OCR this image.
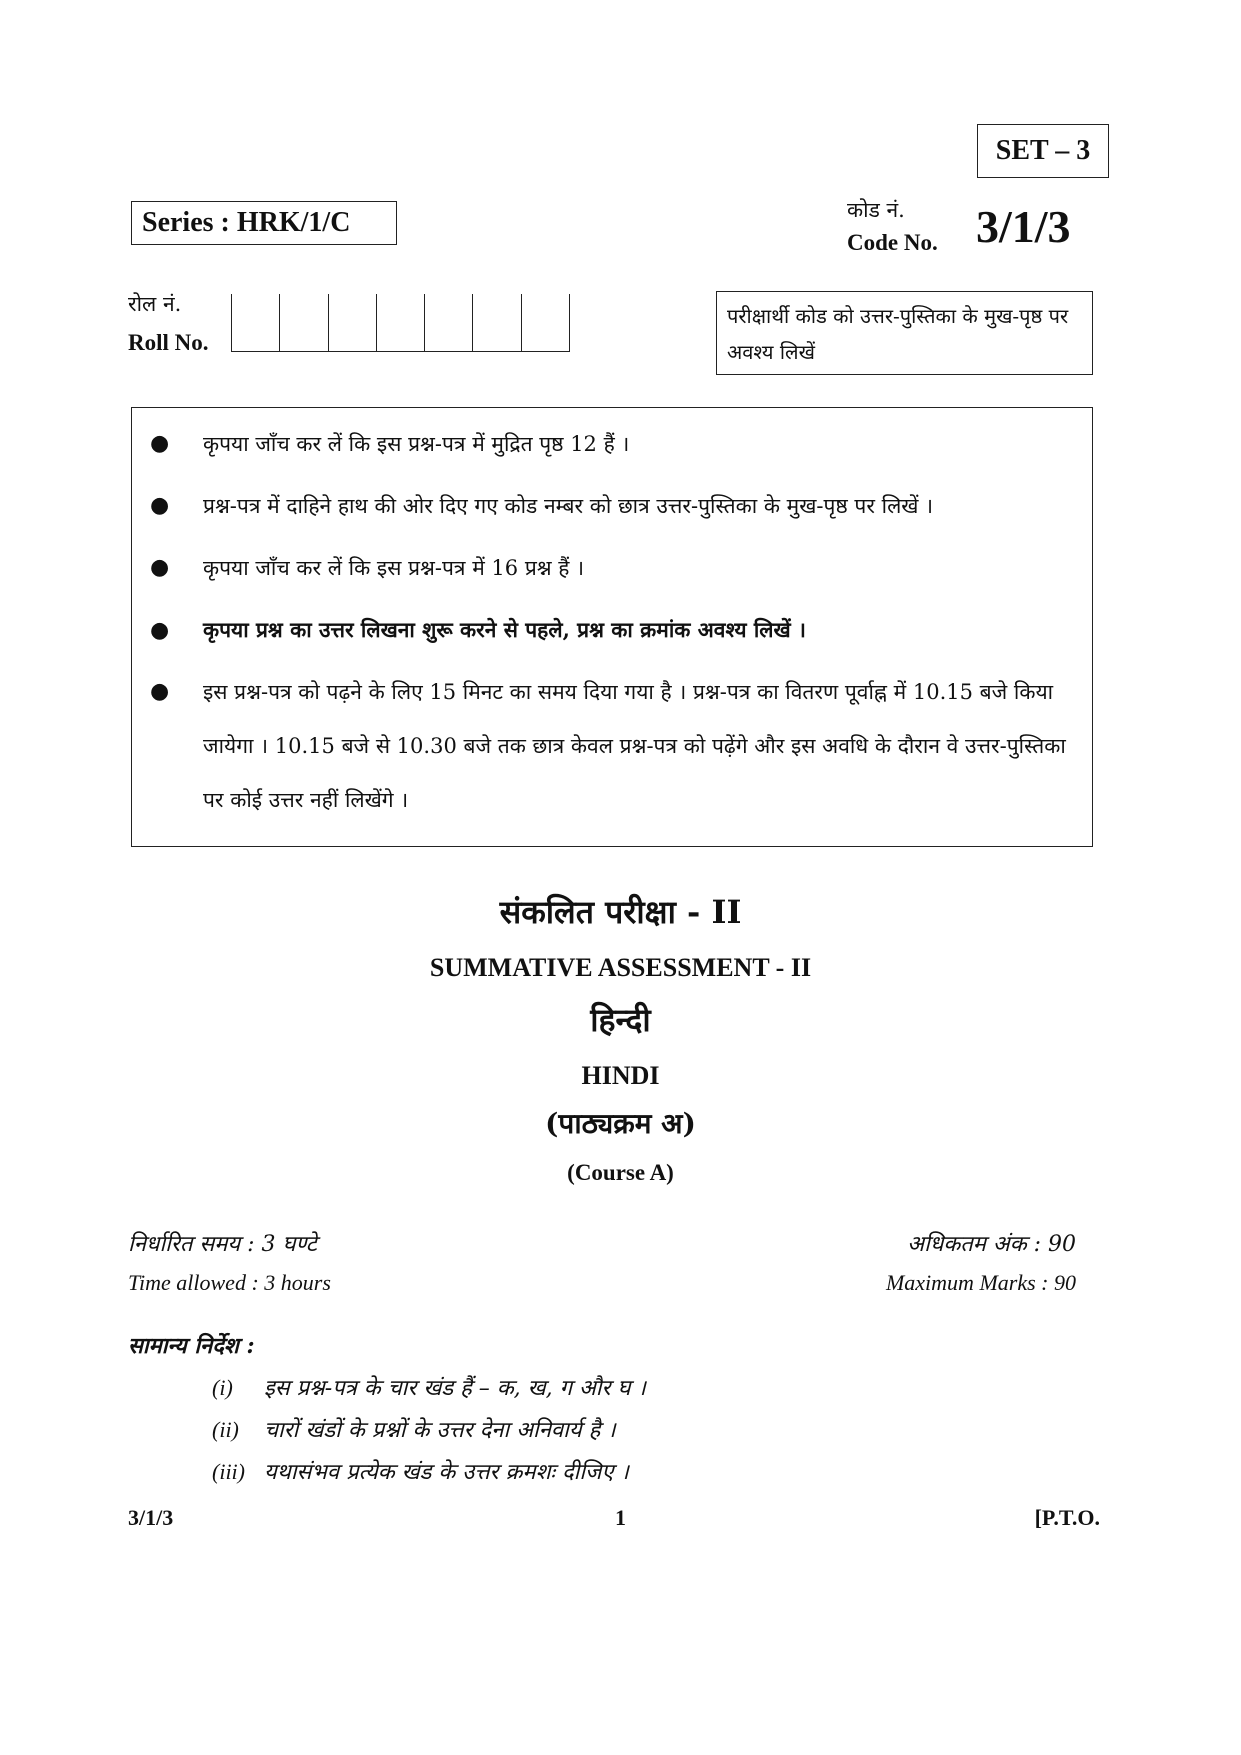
SET – 3
Series : HRK/1/C	कोड नं.
Code No. 3/1/3
रोल नं.
Roll No.
परीक्षार्थी कोड को उत्तर-पुस्तिका के मुख-पृष्ठ पर अवश्य लिखें
●	कृपया जाँच कर लें कि इस प्रश्न-पत्र में मुद्रित पृष्ठ 12 हैं ।
●	प्रश्न-पत्र में दाहिने हाथ की ओर दिए गए कोड नम्बर को छात्र उत्तर-पुस्तिका के मुख-पृष्ठ पर लिखें ।
●	कृपया जाँच कर लें कि इस प्रश्न-पत्र में 16 प्रश्न हैं ।
●	कृपया प्रश्न का उत्तर लिखना शुरू करने से पहले, प्रश्न का क्रमांक अवश्य लिखें ।
●	इस प्रश्न-पत्र को पढ़ने के लिए 15 मिनट का समय दिया गया है । प्रश्न-पत्र का वितरण पूर्वाह्न में 10.15 बजे किया जायेगा । 10.15 बजे से 10.30 बजे तक छात्र केवल प्रश्न-पत्र को पढ़ेंगे और इस अवधि के दौरान वे उत्तर-पुस्तिका पर कोई उत्तर नहीं लिखेंगे ।
संकलित परीक्षा - II
SUMMATIVE ASSESSMENT - II
हिन्दी
HINDI
(पाठ्यक्रम अ)
(Course A)
निर्धारित समय : 3 घण्टे
Time allowed : 3 hours
अधिकतम अंक : 90
Maximum Marks : 90
सामान्य निर्देश :
(i) इस प्रश्न-पत्र के चार खंड हैं – क, ख, ग और घ ।
(ii) चारों खंडों के प्रश्नों के उत्तर देना अनिवार्य है ।
(iii) यथासंभव प्रत्येक खंड के उत्तर क्रमशः दीजिए ।
3/1/3	1	[P.T.O.
